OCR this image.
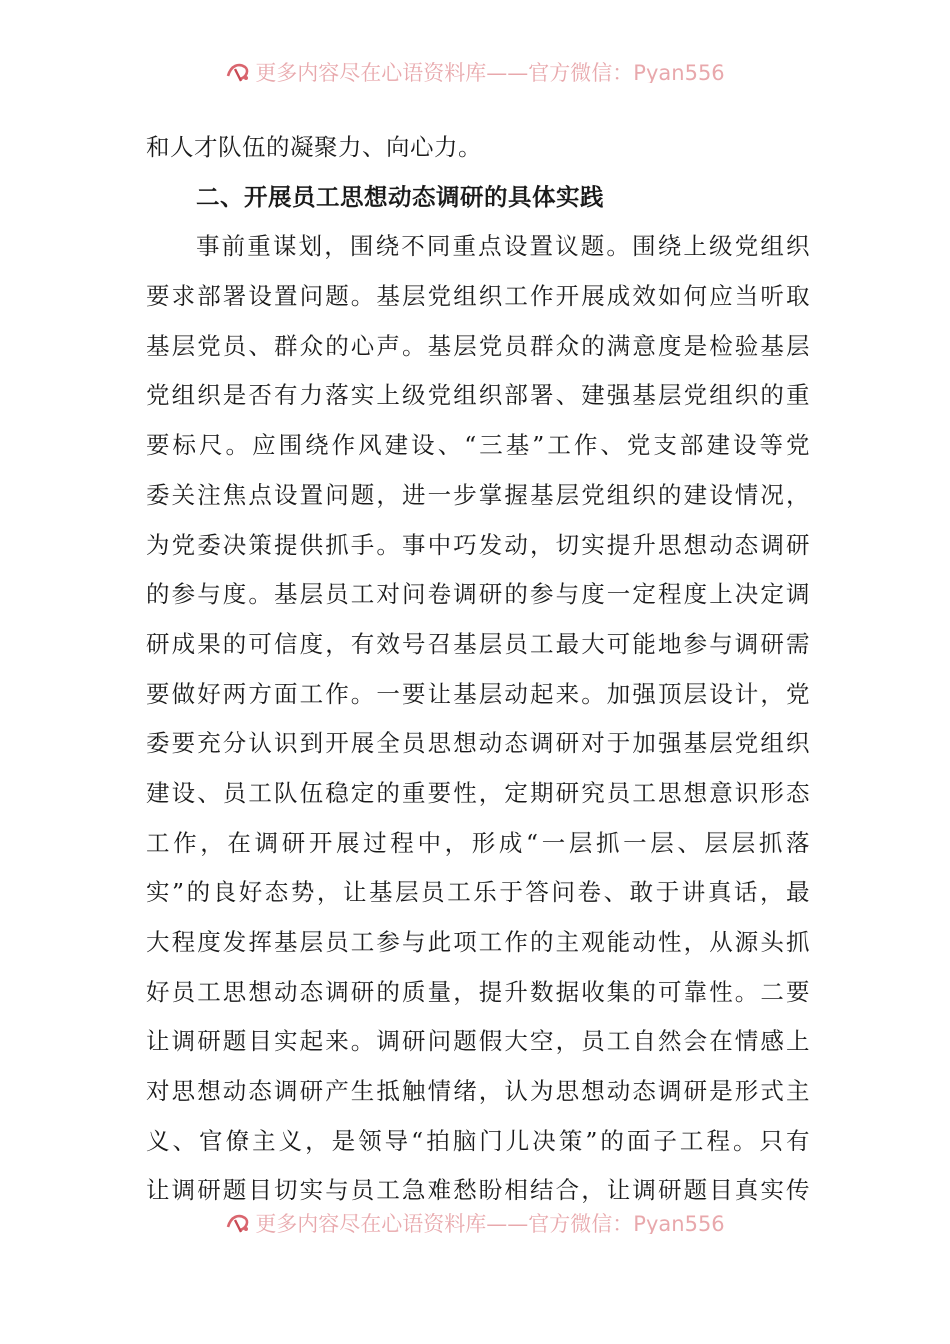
更多内容尽在心语资料库——官方微信：Pyan556
和人才队伍的凝聚力、向心力。
二、开展员工思想动态调研的具体实践
事前重谋划，围绕不同重点设置议题。围绕上级党组织
要求部署设置问题。基层党组织工作开展成效如何应当听取
基层党员、群众的心声。基层党员群众的满意度是检验基层
党组织是否有力落实上级党组织部署、建强基层党组织的重
要标尺。应围绕作风建设、“三基”工作、党支部建设等党
委关注焦点设置问题，进一步掌握基层党组织的建设情况，
为党委决策提供抓手。事中巧发动，切实提升思想动态调研
的参与度。基层员工对问卷调研的参与度一定程度上决定调
研成果的可信度，有效号召基层员工最大可能地参与调研需
要做好两方面工作。一要让基层动起来。加强顶层设计，党
委要充分认识到开展全员思想动态调研对于加强基层党组织
建设、员工队伍稳定的重要性，定期研究员工思想意识形态
工作，在调研开展过程中，形成“一层抓一层、层层抓落
实”的良好态势，让基层员工乐于答问卷、敢于讲真话，最
大程度发挥基层员工参与此项工作的主观能动性，从源头抓
好员工思想动态调研的质量，提升数据收集的可靠性。二要
让调研题目实起来。调研问题假大空，员工自然会在情感上
对思想动态调研产生抵触情绪，认为思想动态调研是形式主
义、官僚主义，是领导“拍脑门儿决策”的面子工程。只有
让调研题目切实与员工急难愁盼相结合，让调研题目真实传
更多内容尽在心语资料库——官方微信：Pyan556
